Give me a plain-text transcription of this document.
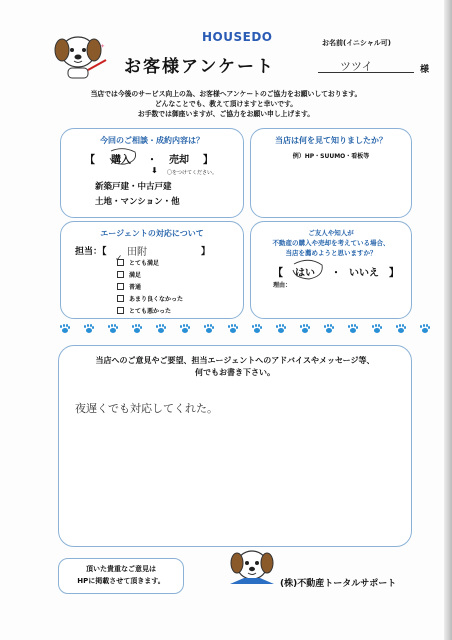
✦
HOUSEDO	お名前(イニシャル可)
お客様アンケート	ツツイ	様
当店では今後のサービス向上の為、お客様へアンケートのご協力をお願いしております。
どんなことでも、教えて頂けますと幸いです。
お手数では御座いますが、ご協力をお願い申し上げます。
今回のご相談・成約内容は？
【 購入 ・ 売却 】
⬇ 〇をつけてください。
新築戸建・中古戸建
土地・マンション・他
当店は何を見て知りましたか？
例）HP・SUUMO・看板等
エージェントの対応について
担当：【 田附	】
✓ とても満足
満足
普通
あまり良くなかった
とても悪かった
ご友人や知人が
不動産の購入や売却を考えている場合、
当店を薦めようと思いますか？
【 はい ・ いいえ 】
理由：
当店へのご意見やご要望、担当エージェントへのアドバイスやメッセージ等、
何でもお書き下さい。
夜遅くでも対応してくれた。
頂いた貴重なご意見は
HPに掲載させて頂きます。	(株)不動産トータルサポート
